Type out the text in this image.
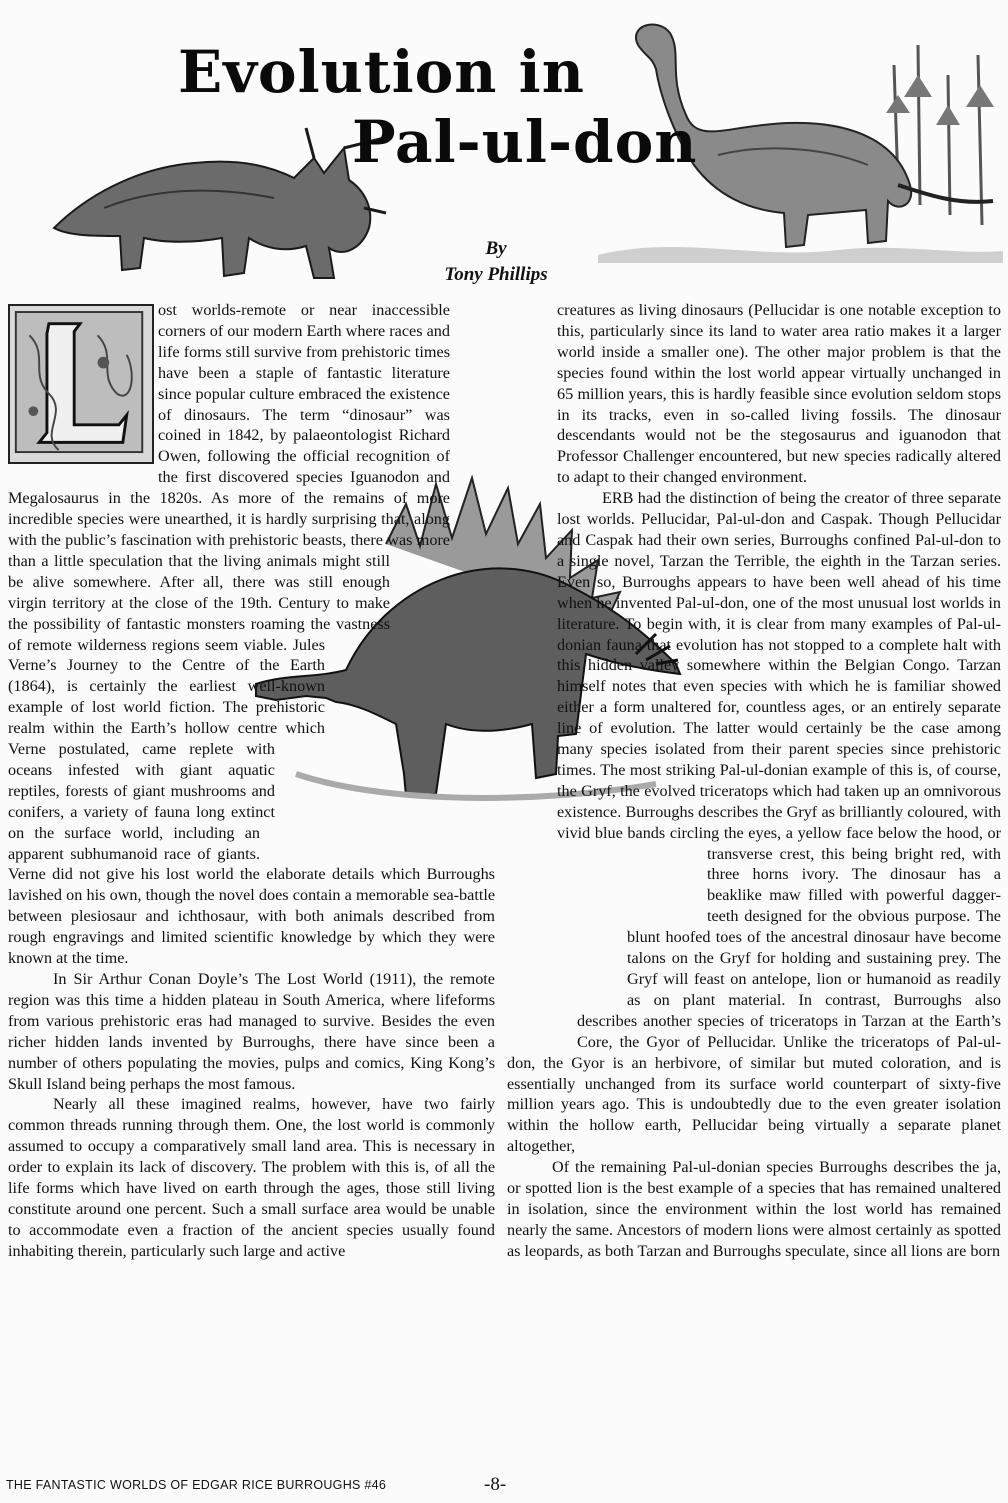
Evolution in
Pal-ul-don
By
Tony Phillips

ost worlds-remote or near inaccessible corners of our modern Earth where races and life forms still survive from prehistoric times have been a staple of fantastic literature since popular culture embraced the existence of dinosaurs. The term “dinosaur” was coined in 1842, by palaeontologist Richard Owen, following the official recognition of the first discovered species Iguanodon and Megalosaurus in the 1820s. As more of the remains of more incredible species were unearthed, it is hardly surprising that, along with the public’s fascination with prehistoric beasts, there was more than a little speculation that the living animals might still be alive somewhere. After all, there was still enough virgin territory at the close of the 19th. Century to make the possibility of fantastic monsters roaming the vastness of remote wilderness regions seem viable. Jules Verne’s Journey to the Centre of the Earth (1864), is certainly the earliest well-known example of lost world fiction. The prehistoric realm within the Earth’s hollow centre which Verne postulated, came replete with oceans infested with giant aquatic reptiles, forests of giant mushrooms and conifers, a variety of fauna long extinct on the surface world, including an apparent subhumanoid race of giants. Verne did not give his lost world the elaborate details which Burroughs lavished on his own, though the novel does contain a memorable sea-battle between plesiosaur and ichthosaur, with both animals described from rough engravings and limited scientific knowledge by which they were known at the time.

In Sir Arthur Conan Doyle’s The Lost World (1911), the remote region was this time a hidden plateau in South America, where lifeforms from various prehistoric eras had managed to survive. Besides the even richer hidden lands invented by Burroughs, there have since been a number of others populating the movies, pulps and comics, King Kong’s Skull Island being perhaps the most famous.

Nearly all these imagined realms, however, have two fairly common threads running through them. One, the lost world is commonly assumed to occupy a comparatively small land area. This is necessary in order to explain its lack of discovery. The problem with this is, of all the life forms which have lived on earth through the ages, those still living constitute around one percent. Such a small surface area would be unable to accommodate even a fraction of the ancient species usually found inhabiting therein, particularly such large and active

creatures as living dinosaurs (Pellucidar is one notable exception to this, particularly since its land to water area ratio makes it a larger world inside a smaller one). The other major problem is that the species found within the lost world appear virtually unchanged in 65 million years, this is hardly feasible since evolution seldom stops in its tracks, even in so-called living fossils. The dinosaur descendants would not be the stegosaurus and iguanodon that Professor Challenger encountered, but new species radically altered to adapt to their changed environment.

ERB had the distinction of being the creator of three separate lost worlds. Pellucidar, Pal-ul-don and Caspak. Though Pellucidar and Caspak had their own series, Burroughs confined Pal-ul-don to a single novel, Tarzan the Terrible, the eighth in the Tarzan series. Even so, Burroughs appears to have been well ahead of his time when he invented Pal-ul-don, one of the most unusual lost worlds in literature. To begin with, it is clear from many examples of Pal-ul-donian fauna that evolution has not stopped to a complete halt with this hidden valley somewhere within the Belgian Congo. Tarzan himself notes that even species with which he is familiar showed either a form unaltered for, countless ages, or an entirely separate line of evolution. The latter would certainly be the case among many species isolated from their parent species since prehistoric times. The most striking Pal-ul-donian example of this is, of course, the Gryf, the evolved triceratops which had taken up an omnivorous existence. Burroughs describes the Gryf as brilliantly coloured, with vivid blue bands circling the eyes, a yellow face below the hood, or transverse crest, this being bright red, with three horns ivory. The dinosaur has a beaklike maw filled with powerful dagger-teeth designed for the obvious purpose. The blunt hoofed toes of the ancestral dinosaur have become talons on the Gryf for holding and sustaining prey. The Gryf will feast on antelope, lion or humanoid as readily as on plant material. In contrast, Burroughs also describes another species of triceratops in Tarzan at the Earth’s Core, the Gyor of Pellucidar. Unlike the triceratops of Pal-ul-don, the Gyor is an herbivore, of similar but muted coloration, and is essentially unchanged from its surface world counterpart of sixty-five million years ago. This is undoubtedly due to the even greater isolation within the hollow earth, Pellucidar being virtually a separate planet altogether,

Of the remaining Pal-ul-donian species Burroughs describes the ja, or spotted lion is the best example of a species that has remained unaltered in isolation, since the environment within the lost world has remained nearly the same. Ancestors of modern lions were almost certainly as spotted as leopards, as both Tarzan and Burroughs speculate, since all lions are born

THE FANTASTIC WORLDS OF EDGAR RICE BURROUGHS #46	-8-
